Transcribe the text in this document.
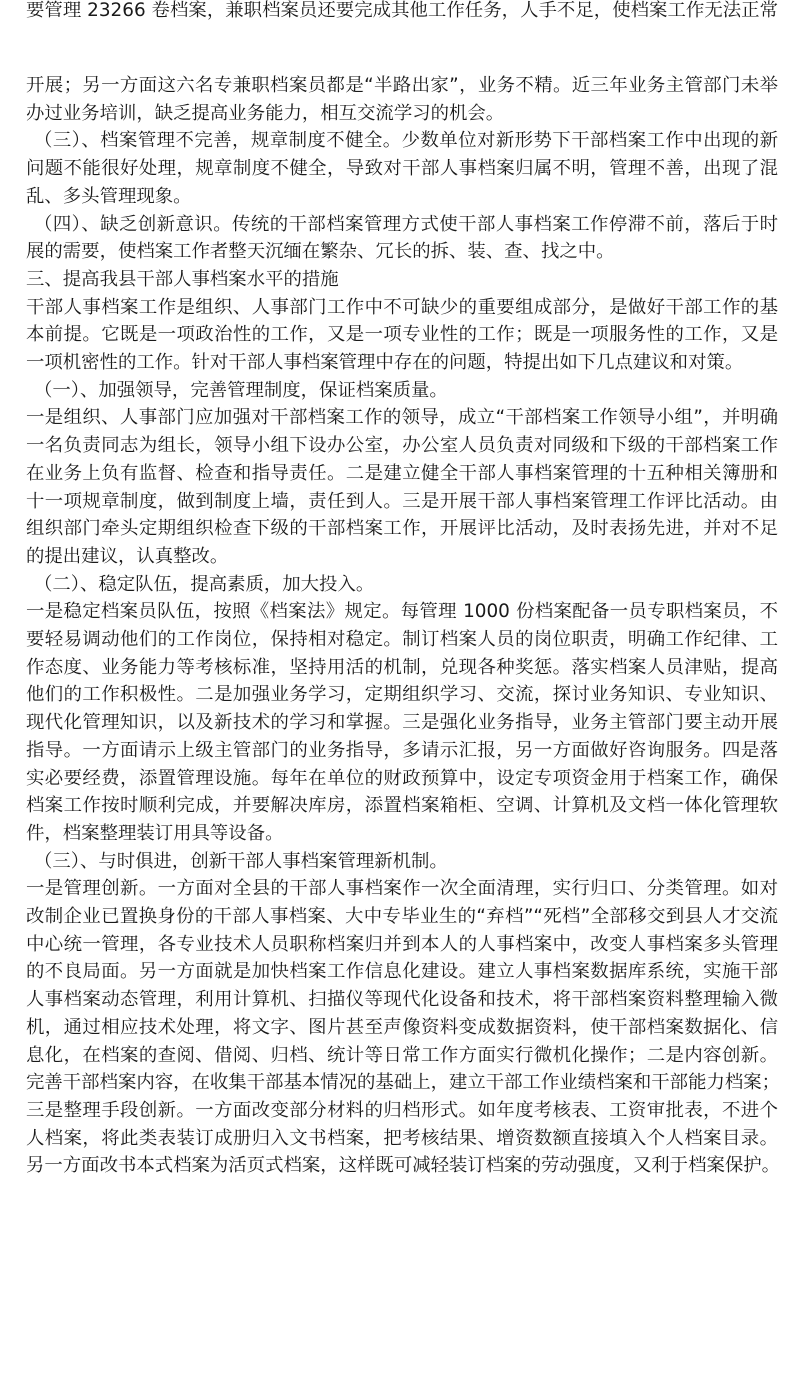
要管理 23266 卷档案，兼职档案员还要完成其他工作任务，人手不足，使档案工作无法正常
开展；另一方面这六名专兼职档案员都是“半路出家”，业务不精。近三年业务主管部门未举
办过业务培训，缺乏提高业务能力，相互交流学习的机会。
（三）、档案管理不完善，规章制度不健全。少数单位对新形势下干部档案工作中出现的新
问题不能很好处理，规章制度不健全，导致对干部人事档案归属不明，管理不善，出现了混
乱、多头管理现象。
（四）、缺乏创新意识。传统的干部档案管理方式使干部人事档案工作停滞不前，落后于时
展的需要，使档案工作者整天沉缅在繁杂、冗长的拆、装、查、找之中。
三、提高我县干部人事档案水平的措施
干部人事档案工作是组织、人事部门工作中不可缺少的重要组成部分，是做好干部工作的基
本前提。它既是一项政治性的工作，又是一项专业性的工作；既是一项服务性的工作，又是
一项机密性的工作。针对干部人事档案管理中存在的问题，特提出如下几点建议和对策。
（一）、加强领导，完善管理制度，保证档案质量。
一是组织、人事部门应加强对干部档案工作的领导，成立“干部档案工作领导小组”，并明确
一名负责同志为组长，领导小组下设办公室，办公室人员负责对同级和下级的干部档案工作
在业务上负有监督、检查和指导责任。二是建立健全干部人事档案管理的十五种相关簿册和
十一项规章制度，做到制度上墙，责任到人。三是开展干部人事档案管理工作评比活动。由
组织部门牵头定期组织检查下级的干部档案工作，开展评比活动，及时表扬先进，并对不足
的提出建议，认真整改。
（二）、稳定队伍，提高素质，加大投入。
一是稳定档案员队伍，按照《档案法》规定。每管理 1000 份档案配备一员专职档案员，不
要轻易调动他们的工作岗位，保持相对稳定。制订档案人员的岗位职责，明确工作纪律、工
作态度、业务能力等考核标准，坚持用活的机制，兑现各种奖惩。落实档案人员津贴，提高
他们的工作积极性。二是加强业务学习，定期组织学习、交流，探讨业务知识、专业知识、
现代化管理知识，以及新技术的学习和掌握。三是强化业务指导，业务主管部门要主动开展
指导。一方面请示上级主管部门的业务指导，多请示汇报，另一方面做好咨询服务。四是落
实必要经费，添置管理设施。每年在单位的财政预算中，设定专项资金用于档案工作，确保
档案工作按时顺利完成，并要解决库房，添置档案箱柜、空调、计算机及文档一体化管理软
件，档案整理装订用具等设备。
（三）、与时俱进，创新干部人事档案管理新机制。
一是管理创新。一方面对全县的干部人事档案作一次全面清理，实行归口、分类管理。如对
改制企业已置换身份的干部人事档案、大中专毕业生的“弃档”“死档”全部移交到县人才交流
中心统一管理，各专业技术人员职称档案归并到本人的人事档案中，改变人事档案多头管理
的不良局面。另一方面就是加快档案工作信息化建设。建立人事档案数据库系统，实施干部
人事档案动态管理，利用计算机、扫描仪等现代化设备和技术，将干部档案资料整理输入微
机，通过相应技术处理，将文字、图片甚至声像资料变成数据资料，使干部档案数据化、信
息化，在档案的查阅、借阅、归档、统计等日常工作方面实行微机化操作；二是内容创新。
完善干部档案内容，在收集干部基本情况的基础上，建立干部工作业绩档案和干部能力档案；
三是整理手段创新。一方面改变部分材料的归档形式。如年度考核表、工资审批表，不进个
人档案，将此类表装订成册归入文书档案，把考核结果、增资数额直接填入个人档案目录。
另一方面改书本式档案为活页式档案，这样既可减轻装订档案的劳动强度，又利于档案保护。
